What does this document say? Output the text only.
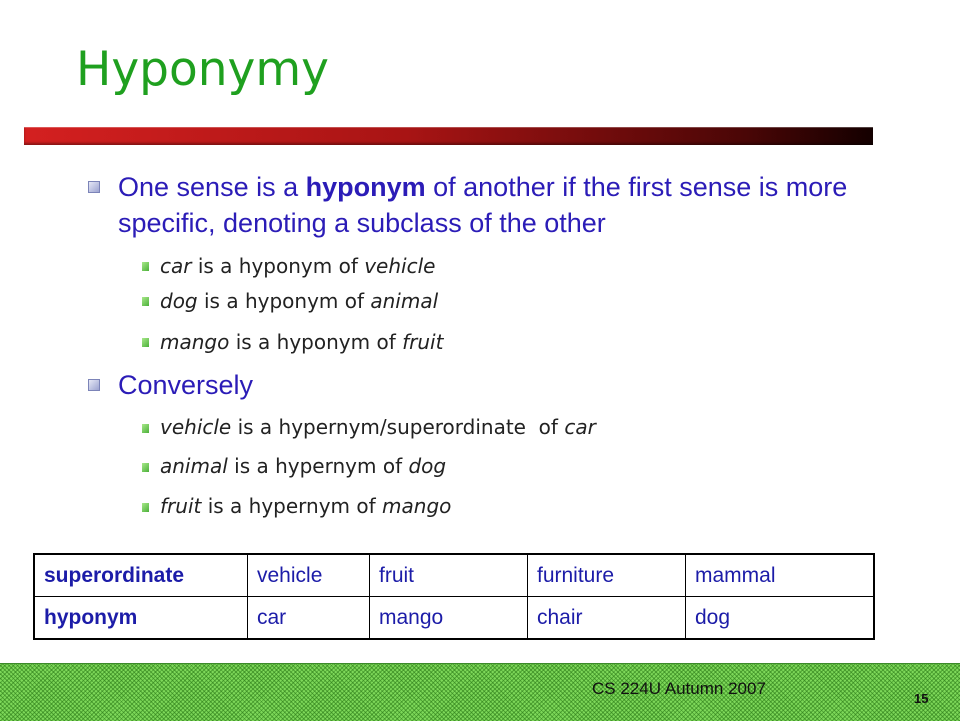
Hyponymy
One sense is a hyponym of another if the first sense is more specific, denoting a subclass of the other
car is a hyponym of vehicle
dog is a hyponym of animal
mango is a hyponym of fruit
Conversely
vehicle is a hypernym/superordinate  of car
animal is a hypernym of dog
fruit is a hypernym of mango
superordinate	vehicle	fruit	furniture	mammal
hyponym	car	mango	chair	dog
CS 224U Autumn 2007
15
